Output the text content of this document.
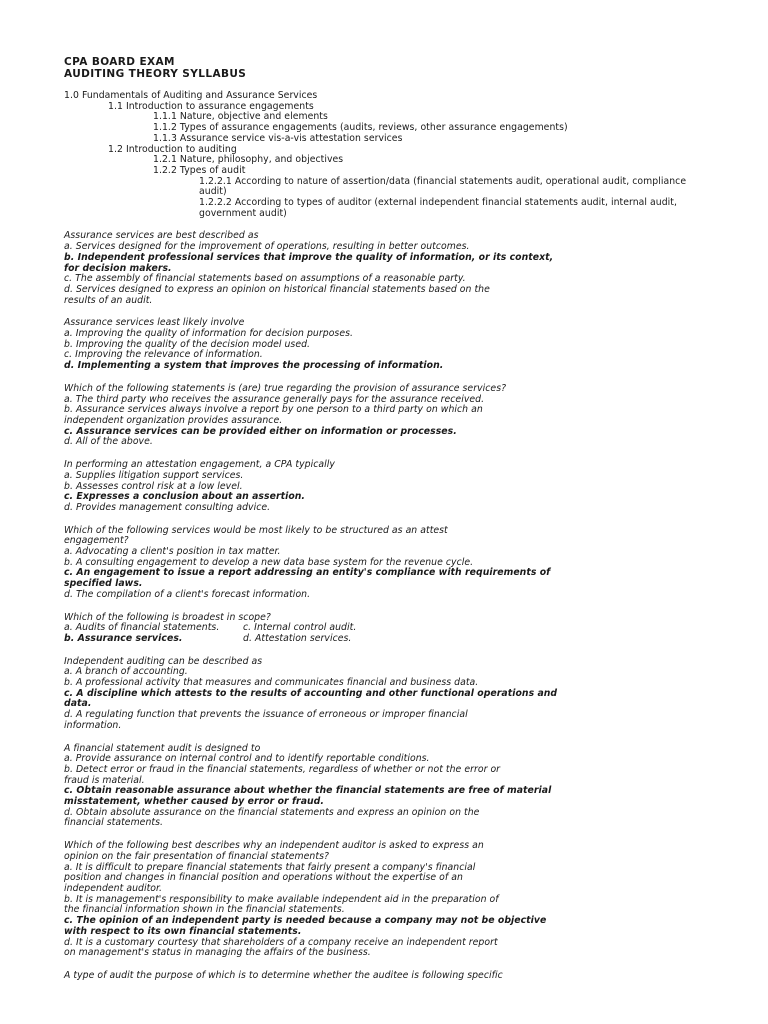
CPA BOARD EXAM
AUDITING THEORY SYLLABUS
1.0 Fundamentals of Auditing and Assurance Services
1.1 Introduction to assurance engagements
1.1.1 Nature, objective and elements
1.1.2 Types of assurance engagements (audits, reviews, other assurance engagements)
1.1.3 Assurance service vis-a-vis attestation services
1.2 Introduction to auditing
1.2.1 Nature, philosophy, and objectives
1.2.2 Types of audit
1.2.2.1 According to nature of assertion/data (financial statements audit, operational audit, compliance audit)
1.2.2.2 According to types of auditor (external independent financial statements audit, internal audit, government audit)
Assurance services are best described as
a. Services designed for the improvement of operations, resulting in better outcomes.
b. Independent professional services that improve the quality of information, or its context,
for decision makers.
c. The assembly of financial statements based on assumptions of a reasonable party.
d. Services designed to express an opinion on historical financial statements based on the
results of an audit.
Assurance services least likely involve
a. Improving the quality of information for decision purposes.
b. Improving the quality of the decision model used.
c. Improving the relevance of information.
d. Implementing a system that improves the processing of information.
Which of the following statements is (are) true regarding the provision of assurance services?
a. The third party who receives the assurance generally pays for the assurance received.
b. Assurance services always involve a report by one person to a third party on which an
independent organization provides assurance.
c. Assurance services can be provided either on information or processes.
d. All of the above.
In performing an attestation engagement, a CPA typically
a. Supplies litigation support services.
b. Assesses control risk at a low level.
c. Expresses a conclusion about an assertion.
d. Provides management consulting advice.
Which of the following services would be most likely to be structured as an attest
engagement?
a. Advocating a client's position in tax matter.
b. A consulting engagement to develop a new data base system for the revenue cycle.
c. An engagement to issue a report addressing an entity's compliance with requirements of
specified laws.
d. The compilation of a client's forecast information.
Which of the following is broadest in scope?
a. Audits of financial statements.	c. Internal control audit.
b. Assurance services.	d. Attestation services.
Independent auditing can be described as
a. A branch of accounting.
b. A professional activity that measures and communicates financial and business data.
c. A discipline which attests to the results of accounting and other functional operations and
data.
d. A regulating function that prevents the issuance of erroneous or improper financial
information.
A financial statement audit is designed to
a. Provide assurance on internal control and to identify reportable conditions.
b. Detect error or fraud in the financial statements, regardless of whether or not the error or
fraud is material.
c. Obtain reasonable assurance about whether the financial statements are free of material
misstatement, whether caused by error or fraud.
d. Obtain absolute assurance on the financial statements and express an opinion on the
financial statements.
Which of the following best describes why an independent auditor is asked to express an
opinion on the fair presentation of financial statements?
a. It is difficult to prepare financial statements that fairly present a company's financial
position and changes in financial position and operations without the expertise of an
independent auditor.
b. It is management's responsibility to make available independent aid in the preparation of
the financial information shown in the financial statements.
c. The opinion of an independent party is needed because a company may not be objective
with respect to its own financial statements.
d. It is a customary courtesy that shareholders of a company receive an independent report
on management's status in managing the affairs of the business.
A type of audit the purpose of which is to determine whether the auditee is following specific
